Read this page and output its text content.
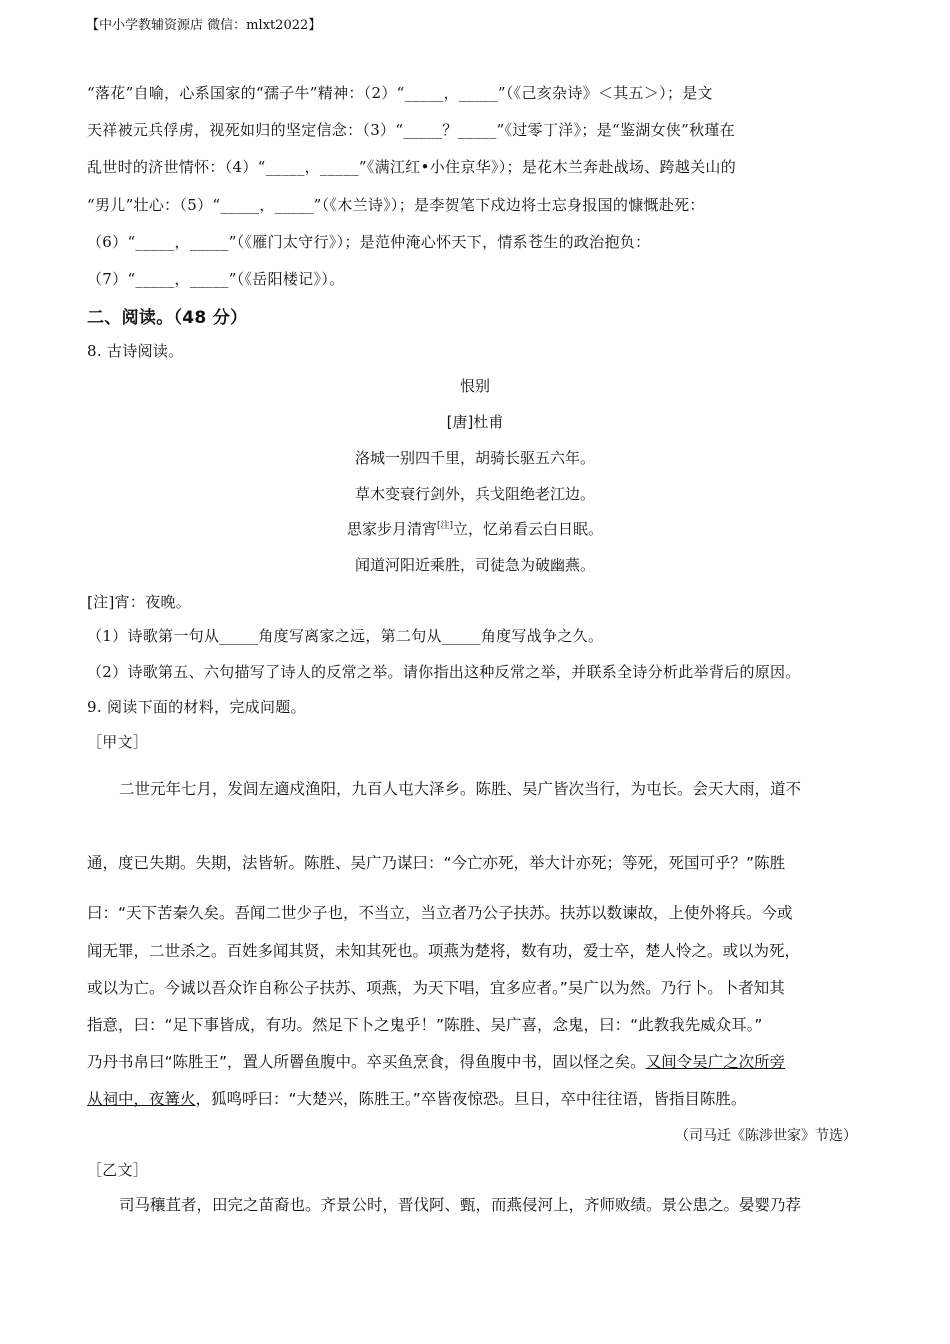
【中小学教辅资源店 微信：mlxt2022】
“落花”自喻，心系国家的“孺子牛”精神：（2）“_____，_____”（《己亥杂诗》＜其五＞）；是文
天祥被元兵俘虏，视死如归的坚定信念：（3）“_____？_____”《过零丁洋》；是“鉴湖女侠”秋瑾在
乱世时的济世情怀：（4）“_____，_____”《满江红•小住京华》）；是花木兰奔赴战场、跨越关山的
“男儿”壮心：（5）“_____，_____”（《木兰诗》）；是李贺笔下戍边将士忘身报国的慷慨赴死：
（6）“_____，_____”（《雁门太守行》）；是范仲淹心怀天下，情系苍生的政治抱负：
（7）“_____，_____”（《岳阳楼记》）。
二、阅读。（48 分）
8. 古诗阅读。
恨别
[唐]杜甫
洛城一别四千里，胡骑长驱五六年。
草木变衰行剑外，兵戈阻绝老江边。
思家步月清宵[注]立，忆弟看云白日眠。
闻道河阳近乘胜，司徒急为破幽燕。
[注]宵：夜晚。
（1）诗歌第一句从_____角度写离家之远，第二句从_____角度写战争之久。
（2）诗歌第五、六句描写了诗人的反常之举。请你指出这种反常之举，并联系全诗分析此举背后的原因。
9. 阅读下面的材料，完成问题。
［甲文］
二世元年七月，发闾左適戍渔阳，九百人屯大泽乡。陈胜、吴广皆次当行，为屯长。会天大雨，道不
通，度已失期。失期，法皆斩。陈胜、吴广乃谋曰：“今亡亦死，举大计亦死；等死，死国可乎？”陈胜
曰：“天下苦秦久矣。吾闻二世少子也，不当立，当立者乃公子扶苏。扶苏以数谏故，上使外将兵。今或
闻无罪，二世杀之。百姓多闻其贤，未知其死也。项燕为楚将，数有功，爱士卒，楚人怜之。或以为死，
或以为亡。今诚以吾众诈自称公子扶苏、项燕，为天下唱，宜多应者。”吴广以为然。乃行卜。卜者知其
指意，曰：“足下事皆成，有功。然足下卜之鬼乎！”陈胜、吴广喜，念鬼，曰：“此教我先威众耳。”
乃丹书帛曰“陈胜王”，置人所罾鱼腹中。卒买鱼烹食，得鱼腹中书，固以怪之矣。又间令吴广之次所旁
从祠中，夜篝火，狐鸣呼曰：“大楚兴，陈胜王。”卒皆夜惊恐。旦日，卒中往往语，皆指目陈胜。
（司马迁《陈涉世家》节选）
［乙文］
司马穰苴者，田完之苗裔也。齐景公时，晋伐阿、甄，而燕侵河上，齐师败绩。景公患之。晏婴乃荐
